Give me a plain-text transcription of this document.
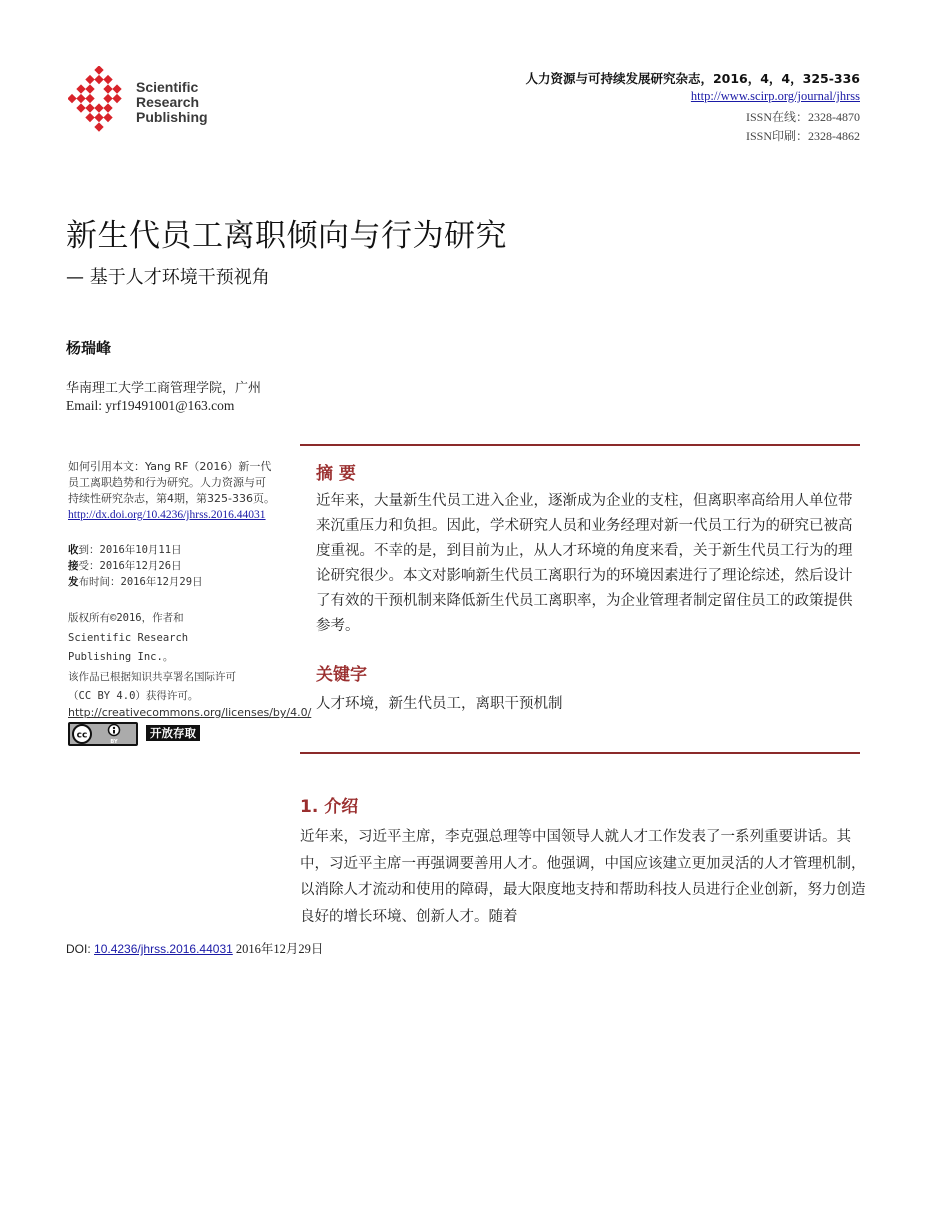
Scientific
Research
Publishing
人力资源与可持续发展研究杂志，2016，4，4，325-336
http://www.scirp.org/journal/jhrss
ISSN在线：2328-4870
ISSN印刷：2328-4862
新生代员工离职倾向与行为研究
— 基于人才环境干预视角
杨瑞峰
华南理工大学工商管理学院，广州
Email: yrf19491001@163.com
如何引用本文：Yang RF（2016）新一代
员工离职趋势和行为研究。人力资源与可
持续性研究杂志，第4期，第325-336页。
http://dx.doi.org/10.4236/jhrss.2016.44031
收到：2016年10月11日
接受：2016年12月26日
发布时间：2016年12月29日
版权所有©2016，作者和
Scientific Research
Publishing Inc.。
该作品已根据知识共享署名国际许可
（CC BY 4.0）获得许可。
http://creativecommons.org/licenses/by/4.0/
cc
BY
开放存取
摘 要
近年来，大量新生代员工进入企业，逐渐成为企业的支柱，但离职率高给用人单位带来沉重压力和负担。因此，学术研究人员和业务经理对新一代员工行为的研究已被高度重视。不幸的是，到目前为止，从人才环境的角度来看，关于新生代员工行为的理论研究很少。本文对影响新生代员工离职行为的环境因素进行了理论综述，然后设计了有效的干预机制来降低新生代员工离职率，为企业管理者制定留住员工的政策提供参考。
关键字
人才环境，新生代员工，离职干预机制
1. 介绍
近年来，习近平主席，李克强总理等中国领导人就人才工作发表了一系列重要讲话。其中，习近平主席一再强调要善用人才。他强调，中国应该建立更加灵活的人才管理机制，以消除人才流动和使用的障碍，最大限度地支持和帮助科技人员进行企业创新，努力创造良好的增长环境、创新人才。随着
DOI: 10.4236/jhrss.2016.44031 2016年12月29日
